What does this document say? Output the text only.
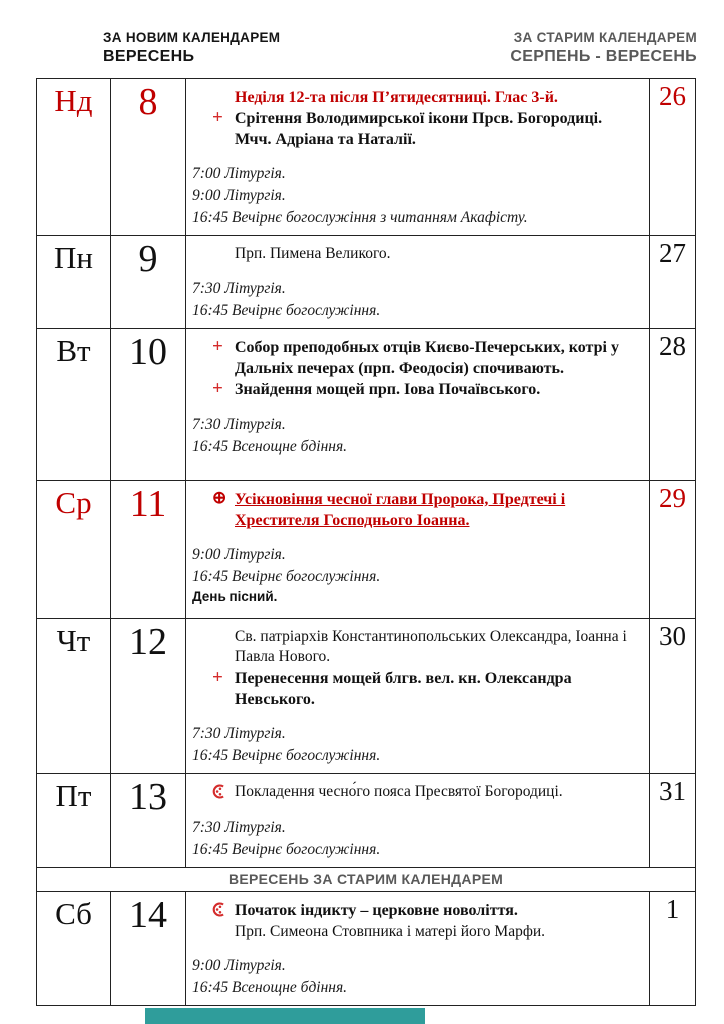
ЗА НОВИМ КАЛЕНДАРЕМ
ВЕРЕСЕНЬ
ЗА СТАРИМ КАЛЕНДАРЕМ
СЕРПЕНЬ - ВЕРЕСЕНЬ
Нд	8	Неділя 12-та після П’ятидесятниці. Глас 3-й.
+ Срітення Володимирської ікони Прсв. Богородиці. Мчч. Адріана та Наталії.
7:00 Літургія.
9:00 Літургія.
16:45 Вечірнє богослужіння з читанням Акафісту.
26
Пн	9	Прп. Пимена Великого.
7:30 Літургія.
16:45 Вечірнє богослужіння.
27
Вт	10	+ Собор преподобных отців Києво-Печерських, котрі у Дальніх печерах (прп. Феодосія) спочивають.
+ Знайдення мощей прп. Іова Почаївського.
7:30 Літургія.
16:45 Всенощне бдіння.
28
Ср	11	⊕ Усікновіння чесної глави Пророка, Предтечі і Хрестителя Господнього Іоанна.
9:00 Літургія.
16:45 Вечірнє богослужіння.
День пісний.
29
Чт	12	Св. патріархів Константинопольських Олександра, Іоанна і Павла Нового.
+ Перенесення мощей блгв. вел. кн. Олександра Невського.
7:30 Літургія.
16:45 Вечірнє богослужіння.
30
Пт 13	Покладення чесно́го пояса Пресвятої Богородиці.
7:30 Літургія.
16:45 Вечірнє богослужіння.
31
ВЕРЕСЕНЬ ЗА СТАРИМ КАЛЕНДАРЕМ
Сб 14	Початок індикту – церковне новоліття.
Прп. Симеона Стовпника і матері його Марфи.
9:00 Літургія.
16:45 Всенощне бдіння.
1
